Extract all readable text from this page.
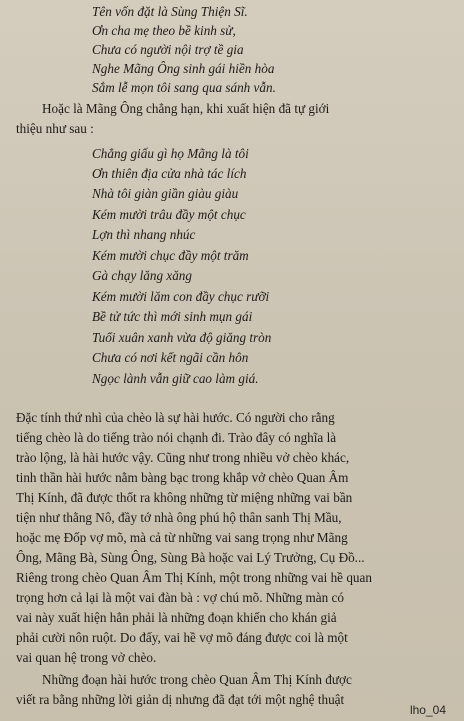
Tên vốn đặt là Sùng Thiện Sĩ.
Ơn cha mẹ theo bề kinh sử,
Chưa có người nội trợ tề gia
Nghe Mãng Ông sinh gái hiền hòa
Sắm lễ mọn tôi sang qua sánh vẫn.
Hoặc là Mãng Ông chẳng hạn, khi xuất hiện đã tự giới
thiệu như sau :
Chẳng giấu gì họ Mãng là tôi
Ơn thiên địa cửa nhà tác lích
Nhà tôi giàn giần giàu giàu
Kém mười trâu đầy một chục
Lợn thì nhang nhúc
Kém mười chục đầy một trăm
Gà chạy lăng xăng
Kém mười lăm con đầy chục rưỡi
Bề tử tức thì mới sinh mụn gái
Tuổi xuân xanh vừa độ giăng tròn
Chưa có nơi kết ngãi cần hôn
Ngọc lành vẫn giữ cao làm giá.
Đặc tính thứ nhì của chèo là sự hài hước. Có người cho rằng
tiếng chèo là do tiếng trào nói chạnh đi. Trào đây có nghĩa là
trào lộng, là hài hước vậy. Cũng như trong nhiều vở chèo khác,
tinh thần hài hước nằm bàng bạc trong khắp vở chèo Quan Âm
Thị Kính, đã được thốt ra không những từ miệng những vai bần
tiện như thằng Nô, đầy tớ nhà ông phú hộ thân sanh Thị Mầu,
hoặc mẹ Đốp vợ mõ, mà cả từ những vai sang trọng như Mãng
Ông, Mãng Bà, Sùng Ông, Sùng Bà hoặc vai Lý Trưởng, Cụ Đồ...
Riêng trong chèo Quan Âm Thị Kính, một trong những vai hề quan
trọng hơn cả lại là một vai đàn bà : vợ chú mõ. Những màn có
vai này xuất hiện hẳn phải là những đoạn khiến cho khán giả
phải cười nôn ruột. Do đấy, vai hề vợ mõ đáng được coi là một
vai quan hệ trong vở chèo.
Những đoạn hài hước trong chèo Quan Âm Thị Kính được
viết ra bằng những lời giản dị nhưng đã đạt tới một nghệ thuật
lho_04
